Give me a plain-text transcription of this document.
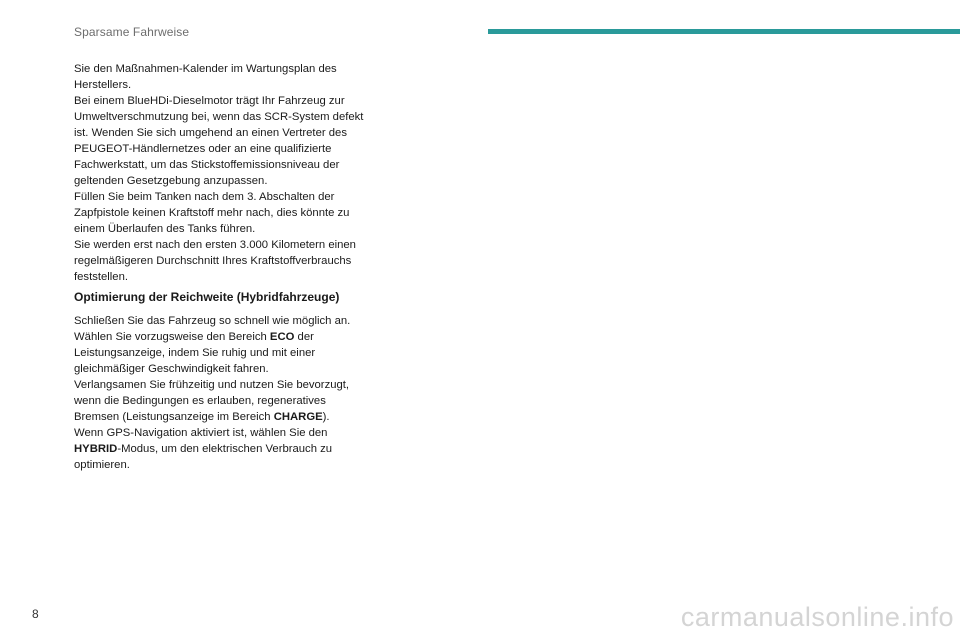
Sparsame Fahrweise

Sie den Maßnahmen-Kalender im Wartungsplan des Herstellers.

Bei einem BlueHDi-Dieselmotor trägt Ihr Fahrzeug zur Umweltverschmutzung bei, wenn das SCR-System defekt ist. Wenden Sie sich umgehend an einen Vertreter des PEUGEOT-Händlernetzes oder an eine qualifizierte Fachwerkstatt, um das Stickstoffemissionsniveau der geltenden Gesetzgebung anzupassen.

Füllen Sie beim Tanken nach dem 3. Abschalten der Zapfpistole keinen Kraftstoff mehr nach, dies könnte zu einem Überlaufen des Tanks führen.

Sie werden erst nach den ersten 3.000 Kilometern einen regelmäßigeren Durchschnitt Ihres Kraftstoffverbrauchs feststellen.

Optimierung der Reichweite (Hybridfahrzeuge)

Schließen Sie das Fahrzeug so schnell wie möglich an.

Wählen Sie vorzugsweise den Bereich ECO der Leistungsanzeige, indem Sie ruhig und mit einer gleichmäßiger Geschwindigkeit fahren.

Verlangsamen Sie frühzeitig und nutzen Sie bevorzugt, wenn die Bedingungen es erlauben, regeneratives Bremsen (Leistungsanzeige im Bereich CHARGE).

Wenn GPS-Navigation aktiviert ist, wählen Sie den HYBRID-Modus, um den elektrischen Verbrauch zu optimieren.

8	carmanualsonline.info
